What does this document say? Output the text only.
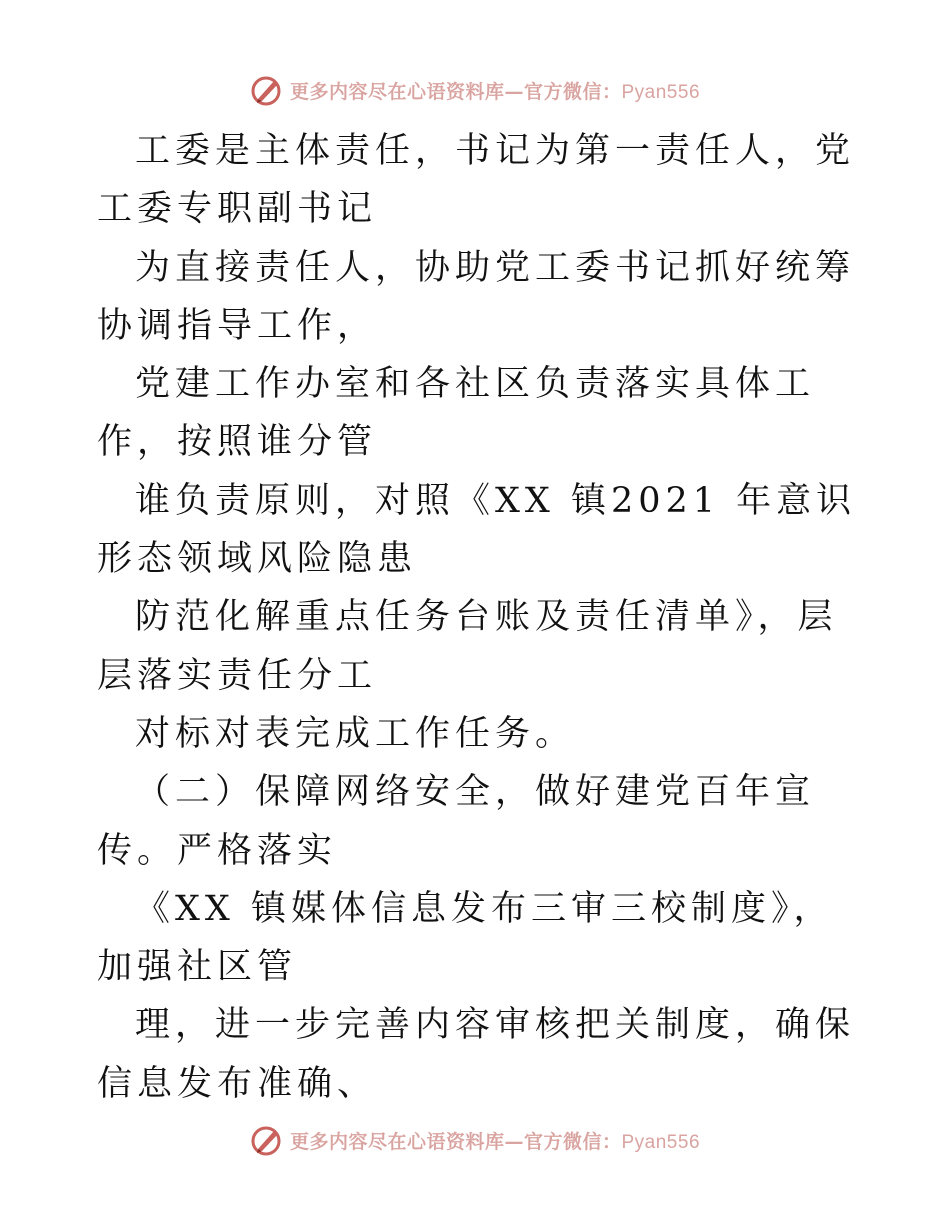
更多内容尽在心语资料库—官方微信：Pyan556

工委是主体责任，书记为第一责任人，党工委专职副书记

为直接责任人，协助党工委书记抓好统筹协调指导工作，

党建工作办室和各社区负责落实具体工作，按照谁分管

谁负责原则，对照《XX 镇2021 年意识形态领域风险隐患

防范化解重点任务台账及责任清单》，层层落实责任分工

对标对表完成工作任务。

（二）保障网络安全，做好建党百年宣传。严格落实

《XX 镇媒体信息发布三审三校制度》，加强社区管

理，进一步完善内容审核把关制度，确保信息发布准确、

更多内容尽在心语资料库—官方微信：Pyan556
